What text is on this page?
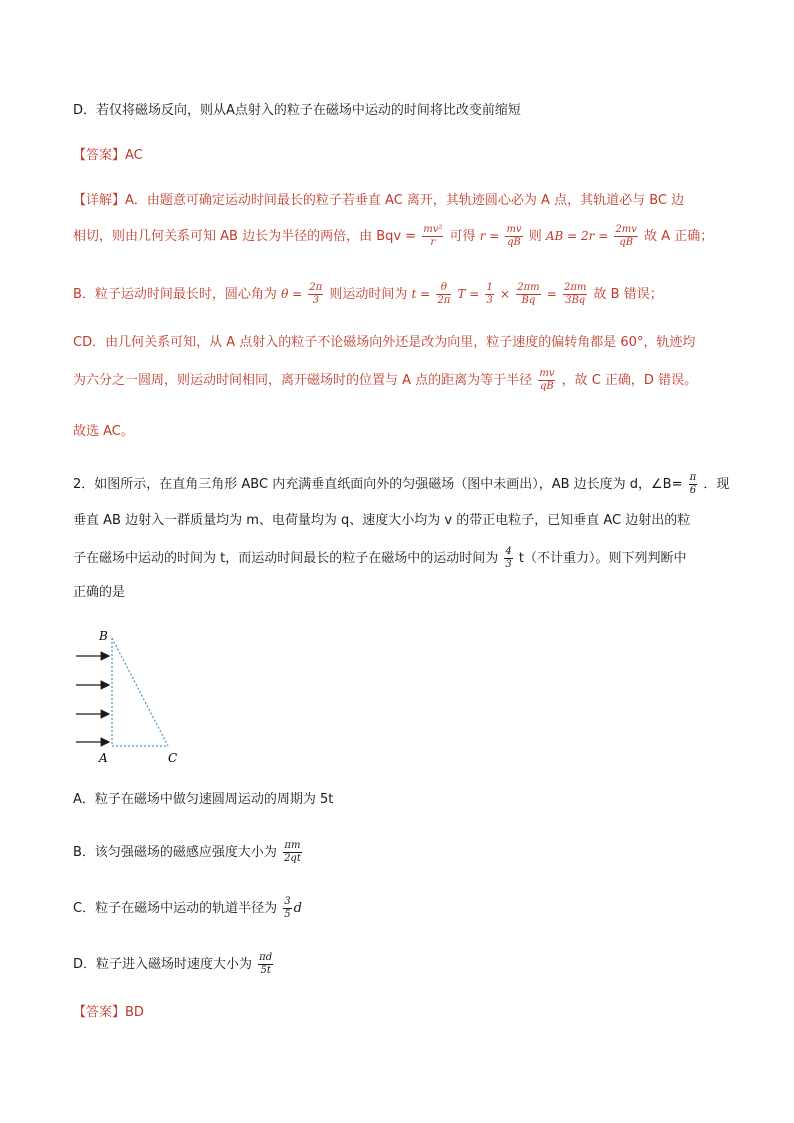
D．若仅将磁场反向，则从A点射入的粒子在磁场中运动的时间将比改变前缩短
【答案】AC
【详解】A．由题意可确定运动时间最长的粒子若垂直 AC 离开，其轨迹圆心必为 A 点，其轨道必与 BC 边
相切，则由几何关系可知 AB 边长为半径的两倍，由 Bqv = $\frac{\text{mv²}}{r}$ 可得 $r = \frac{mv}{qB}$ 则 AB = $2r = \frac{2mv}{qB}$ 故 A 正确；
B．粒子运动时间最长时，圆心角为 $\theta = \frac{2\pi}{3}$ 则运动时间为 $t = \frac{\theta}{2\pi}$ $T = \frac{1}{3} \times \frac{2\pi m}{Bq} = \frac{2\pi m}{3Bq}$ 故 B 错误；
CD．由几何关系可知，从 A 点射入的粒子不论磁场向外还是改为向里，粒子速度的偏转角都是 60°，轨迹均
为六分之一圆周，则运动时间相同，离开磁场时的位置与 A 点的距离为等于半径 $\frac{mv}{qB}$ ，故 C 正确，D 错误。
故选 AC。
2．如图所示，在直角三角形 ABC 内充满垂直纸面向外的匀强磁场（图中未画出），AB 边长度为 d，∠B= $\frac{\pi}{6}$ ．现
垂直 AB 边射入一群质量均为 m、电荷量均为 q、速度大小均为 v 的带正电粒子，已知垂直 AC 边射出的粒
子在磁场中运动的时间为 t，而运动时间最长的粒子在磁场中的运动时间为 $\frac{4}{3} t$（不计重力）。则下列判断中
正确的是
B
A	C
A．粒子在磁场中做匀速圆周运动的周期为 5t
B．该匀强磁场的磁感应强度大小为 $\frac{\pi m}{2qt}$
C．粒子在磁场中运动的轨道半径为 $\frac{3}{5}$ d
D．粒子进入磁场时速度大小为 $\frac{\pi d}{5t}$
【答案】BD
